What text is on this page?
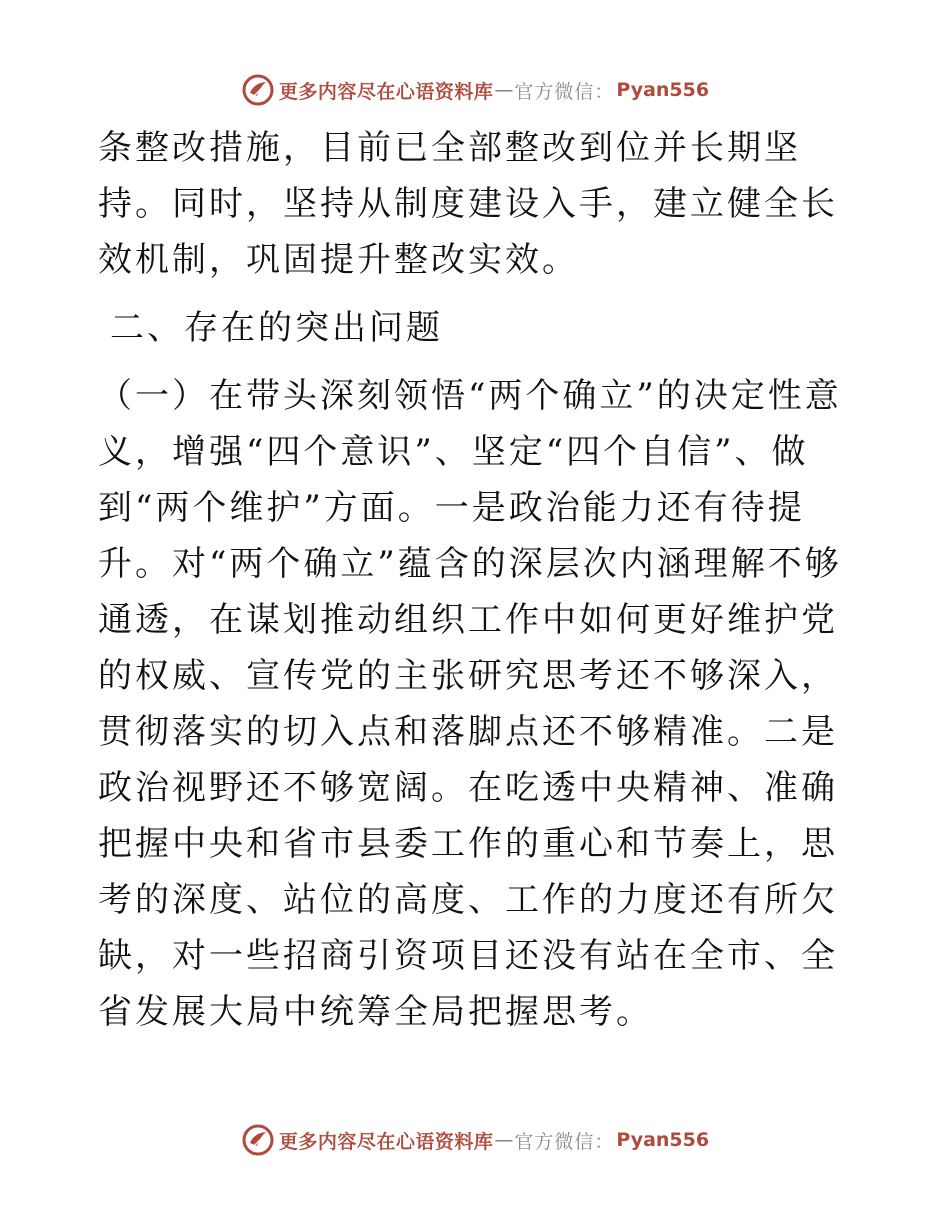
更多内容尽在心语资料库 — 官方微信： Pyan556

条整改措施，目前已全部整改到位并长期坚持。同时，坚持从制度建设入手，建立健全长效机制，巩固提升整改实效。

二、存在的突出问题

（一）在带头深刻领悟“两个确立”的决定性意义，增强“四个意识”、坚定“四个自信”、做到“两个维护”方面。一是政治能力还有待提升。对“两个确立”蕴含的深层次内涵理解不够通透，在谋划推动组织工作中如何更好维护党的权威、宣传党的主张研究思考还不够深入，贯彻落实的切入点和落脚点还不够精准。二是政治视野还不够宽阔。在吃透中央精神、准确把握中央和省市县委工作的重心和节奏上，思考的深度、站位的高度、工作的力度还有所欠缺，对一些招商引资项目还没有站在全市、全省发展大局中统筹全局把握思考。

更多内容尽在心语资料库 — 官方微信： Pyan556
